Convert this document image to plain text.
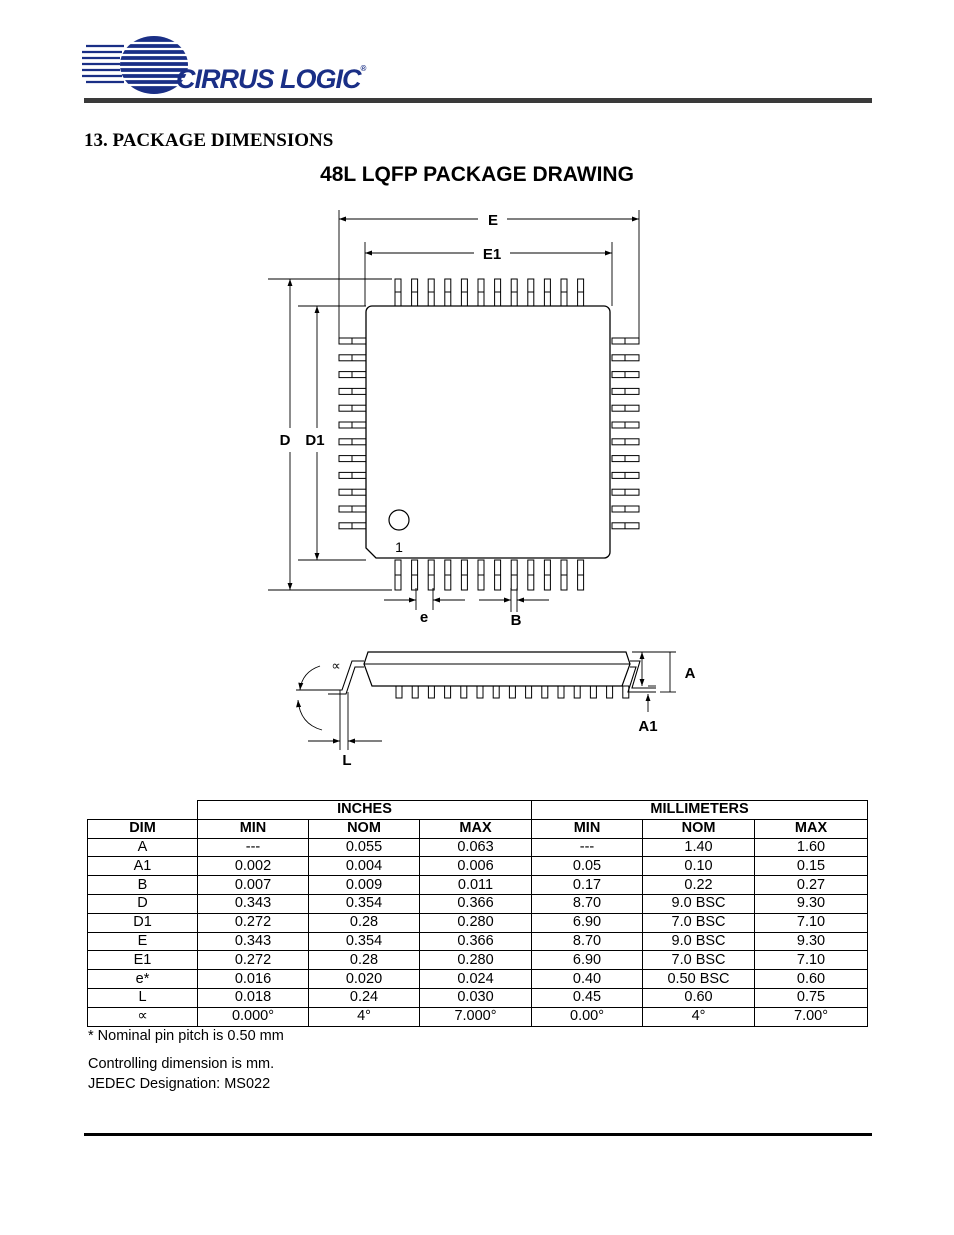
CIRRUS LOGIC®
13. PACKAGE DIMENSIONS
48L LQFP PACKAGE DRAWING
1
E
E1
D D1
e	B
A
A1
∝
L
	INCHES			MILLIMETERS		
DIM	MIN	NOM	MAX	MIN	NOM	MAX
A	---	0.055	0.063	---	1.40	1.60
A1	0.002	0.004	0.006	0.05	0.10	0.15
B	0.007	0.009	0.011	0.17	0.22	0.27
D	0.343	0.354	0.366	8.70	9.0 BSC	9.30
D1	0.272	0.28	0.280	6.90	7.0 BSC	7.10
E	0.343	0.354	0.366	8.70	9.0 BSC	9.30
E1	0.272	0.28	0.280	6.90	7.0 BSC	7.10
e*	0.016	0.020	0.024	0.40	0.50 BSC	0.60
L	0.018	0.24	0.030	0.45	0.60	0.75
∝	0.000°	4°	7.000°	0.00°	4°	7.00°
* Nominal pin pitch is 0.50 mm
Controlling dimension is mm.
JEDEC Designation: MS022
